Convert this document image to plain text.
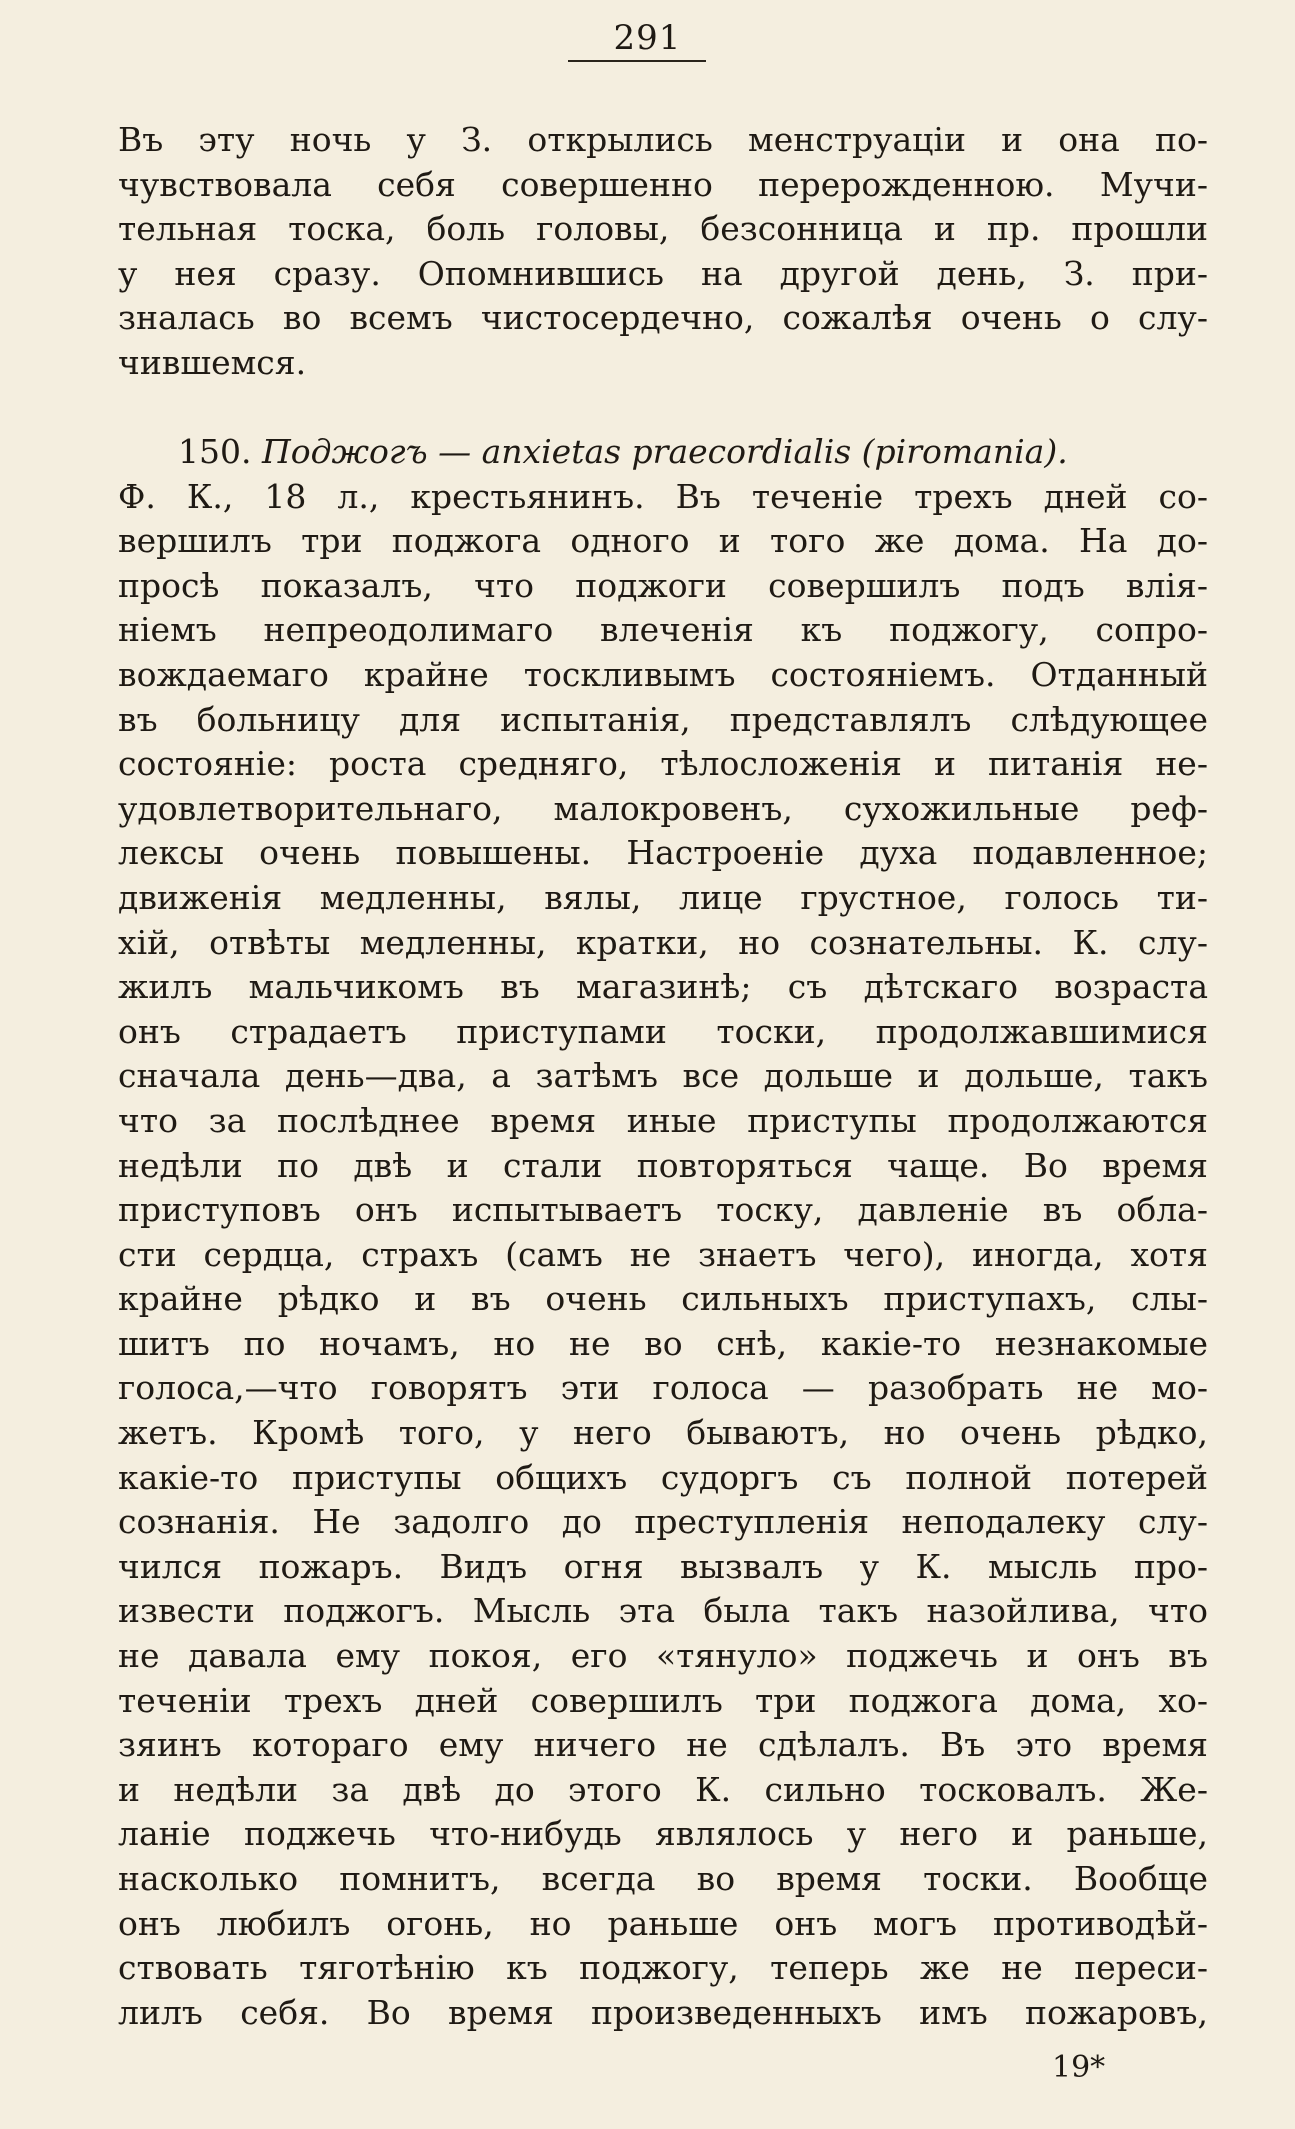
291
Въ эту ночь у З. открылись менструаціи и она по-
чувствовала себя совершенно перерожденною. Мучи-
тельная тоска, боль головы, безсонница и пр. прошли
у нея сразу. Опомнившись на другой день, З. при-
зналась во всемъ чистосердечно, сожалѣя очень о слу-
чившемся.
150. Поджогъ — anxietas praecordialis (piromania).
Ф. К., 18 л., крестьянинъ. Въ теченіе трехъ дней со-
вершилъ три поджога одного и того же дома. На до-
просѣ показалъ, что поджоги совершилъ подъ влія-
ніемъ непреодолимаго влеченія къ поджогу, сопро-
вождаемаго крайне тоскливымъ состояніемъ. Отданный
въ больницу для испытанія, представлялъ слѣдующее
состояніе: роста средняго, тѣлосложенія и питанія не-
удовлетворительнаго, малокровенъ, сухожильные реф-
лексы очень повышены. Настроеніе духа подавленное;
движенія медленны, вялы, лице грустное, голось ти-
хій, отвѣты медленны, кратки, но сознательны. К. слу-
жилъ мальчикомъ въ магазинѣ; съ дѣтскаго возраста
онъ страдаетъ приступами тоски, продолжавшимися
сначала день—два, а затѣмъ все дольше и дольше, такъ
что за послѣднее время иные приступы продолжаются
недѣли по двѣ и стали повторяться чаще. Во время
приступовъ онъ испытываетъ тоску, давленіе въ обла-
сти сердца, страхъ (самъ не знаетъ чего), иногда, хотя
крайне рѣдко и въ очень сильныхъ приступахъ, слы-
шитъ по ночамъ, но не во снѣ, какіе-то незнакомые
голоса,—что говорятъ эти голоса — разобрать не мо-
жетъ. Кромѣ того, у него бываютъ, но очень рѣдко,
какіе-то приступы общихъ судоргъ съ полной потерей
сознанія. Не задолго до преступленія неподалеку слу-
чился пожаръ. Видъ огня вызвалъ у К. мысль про-
извести поджогъ. Мысль эта была такъ назойлива, что
не давала ему покоя, его «тянуло» поджечь и онъ въ
теченіи трехъ дней совершилъ три поджога дома, хо-
зяинъ котораго ему ничего не сдѣлалъ. Въ это время
и недѣли за двѣ до этого К. сильно тосковалъ. Же-
ланіе поджечь что-нибудь являлось у него и раньше,
насколько помнитъ, всегда во время тоски. Вообще
онъ любилъ огонь, но раньше онъ могъ противодѣй-
ствовать тяготѣнію къ поджогу, теперь же не переси-
лилъ себя. Во время произведенныхъ имъ пожаровъ,
19*
